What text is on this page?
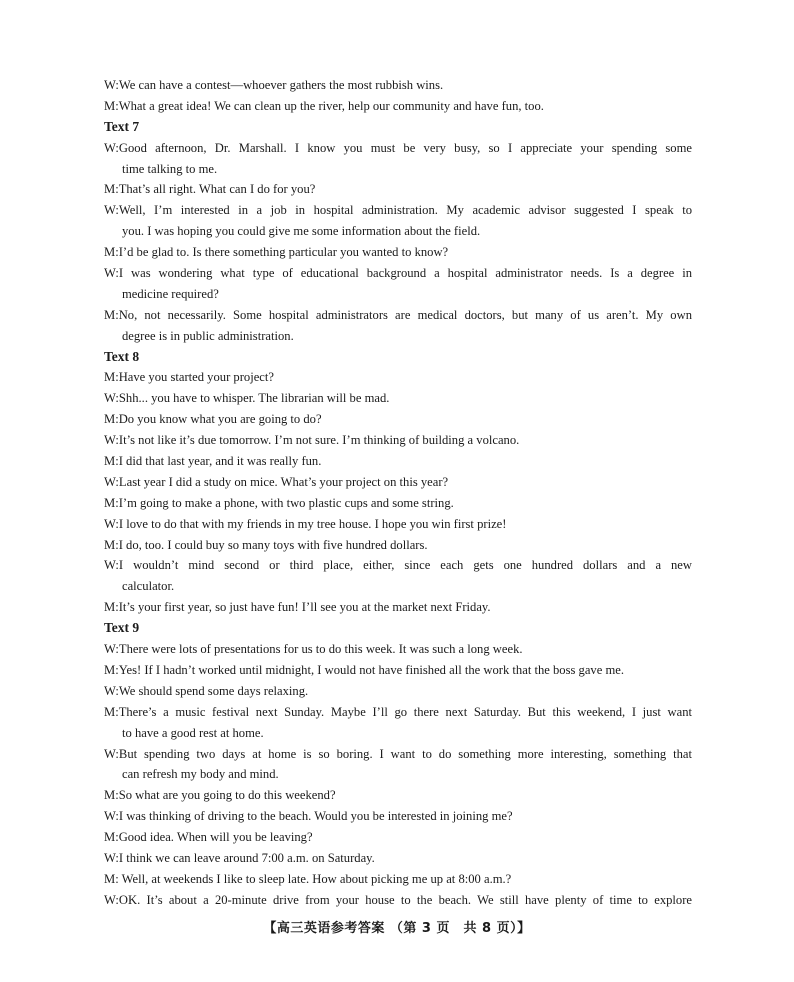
W:We can have a contest—whoever gathers the most rubbish wins.
M:What a great idea! We can clean up the river, help our community and have fun, too.
Text 7
W:Good afternoon, Dr. Marshall. I know you must be very busy, so I appreciate your spending some
time talking to me.
M:That’s all right. What can I do for you?
W:Well, I’m interested in a job in hospital administration. My academic advisor suggested I speak to
you. I was hoping you could give me some information about the field.
M:I’d be glad to. Is there something particular you wanted to know?
W:I was wondering what type of educational background a hospital administrator needs. Is a degree in
medicine required?
M:No, not necessarily. Some hospital administrators are medical doctors, but many of us aren’t. My own
degree is in public administration.
Text 8
M:Have you started your project?
W:Shh... you have to whisper. The librarian will be mad.
M:Do you know what you are going to do?
W:It’s not like it’s due tomorrow. I’m not sure. I’m thinking of building a volcano.
M:I did that last year, and it was really fun.
W:Last year I did a study on mice. What’s your project on this year?
M:I’m going to make a phone, with two plastic cups and some string.
W:I love to do that with my friends in my tree house. I hope you win first prize!
M:I do, too. I could buy so many toys with five hundred dollars.
W:I wouldn’t mind second or third place, either, since each gets one hundred dollars and a new
calculator.
M:It’s your first year, so just have fun! I’ll see you at the market next Friday.
Text 9
W:There were lots of presentations for us to do this week. It was such a long week.
M:Yes! If I hadn’t worked until midnight, I would not have finished all the work that the boss gave me.
W:We should spend some days relaxing.
M:There’s a music festival next Sunday. Maybe I’ll go there next Saturday. But this weekend, I just want
to have a good rest at home.
W:But spending two days at home is so boring. I want to do something more interesting, something that
can refresh my body and mind.
M:So what are you going to do this weekend?
W:I was thinking of driving to the beach. Would you be interested in joining me?
M:Good idea. When will you be leaving?
W:I think we can leave around 7:00 a.m. on Saturday.
M: Well, at weekends I like to sleep late. How about picking me up at 8:00 a.m.?
W:OK. It’s about a 20-minute drive from your house to the beach. We still have plenty of time to explore
【高三英语参考答案 （第 3 页　共 8 页）】
